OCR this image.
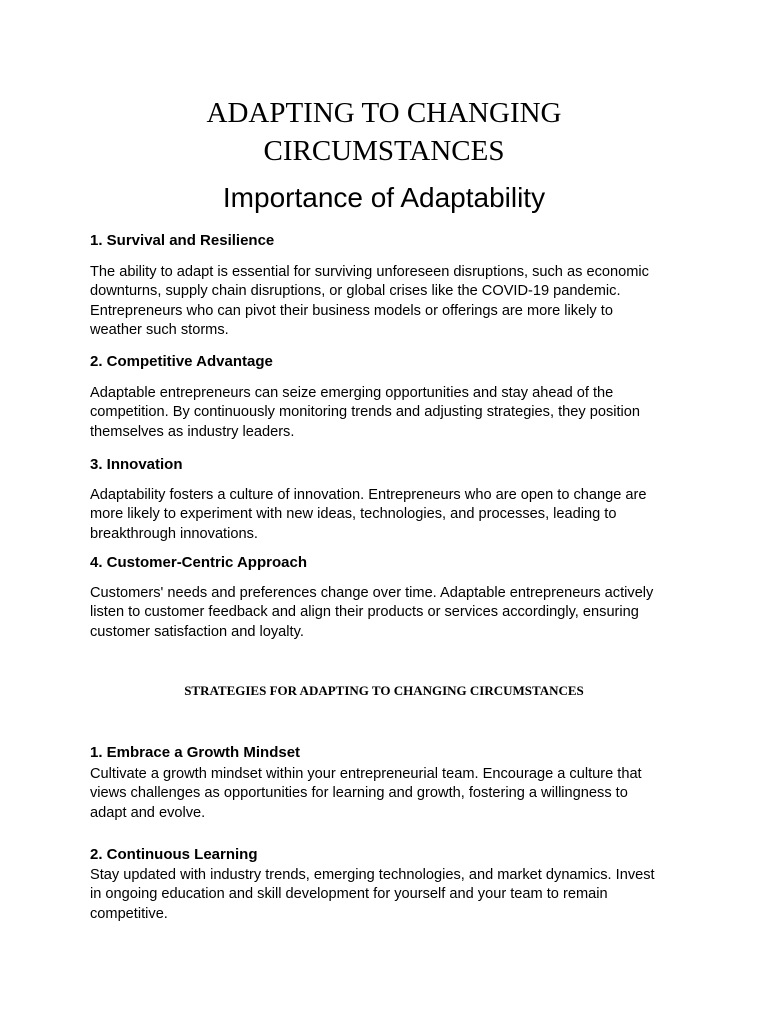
ADAPTING TO CHANGING
CIRCUMSTANCES
Importance of Adaptability
1. Survival and Resilience

The ability to adapt is essential for surviving unforeseen disruptions, such as economic
downturns, supply chain disruptions, or global crises like the COVID-19 pandemic.
Entrepreneurs who can pivot their business models or offerings are more likely to
weather such storms.

2. Competitive Advantage

Adaptable entrepreneurs can seize emerging opportunities and stay ahead of the
competition. By continuously monitoring trends and adjusting strategies, they position
themselves as industry leaders.

3. Innovation

Adaptability fosters a culture of innovation. Entrepreneurs who are open to change are
more likely to experiment with new ideas, technologies, and processes, leading to
breakthrough innovations.

4. Customer-Centric Approach

Customers' needs and preferences change over time. Adaptable entrepreneurs actively
listen to customer feedback and align their products or services accordingly, ensuring
customer satisfaction and loyalty.

STRATEGIES FOR ADAPTING TO CHANGING CIRCUMSTANCES
1. Embrace a Growth Mindset

Cultivate a growth mindset within your entrepreneurial team. Encourage a culture that
views challenges as opportunities for learning and growth, fostering a willingness to
adapt and evolve.

2. Continuous Learning

Stay updated with industry trends, emerging technologies, and market dynamics. Invest
in ongoing education and skill development for yourself and your team to remain
competitive.
